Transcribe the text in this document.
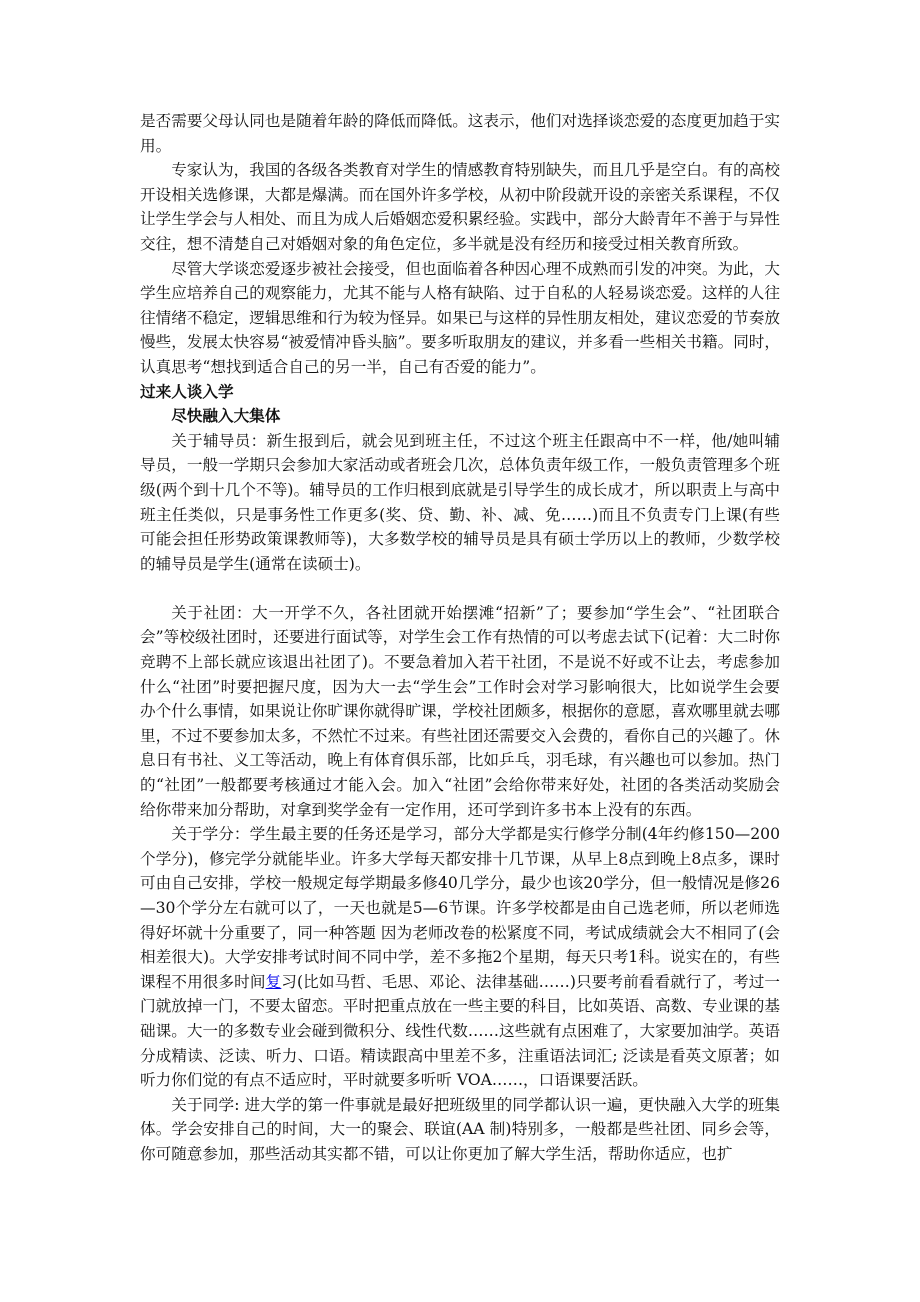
是否需要父母认同也是随着年龄的降低而降低。这表示，他们对选择谈恋爱的态度更加趋于实用。

专家认为，我国的各级各类教育对学生的情感教育特别缺失，而且几乎是空白。有的高校开设相关选修课，大都是爆满。而在国外许多学校，从初中阶段就开设的亲密关系课程，不仅让学生学会与人相处、而且为成人后婚姻恋爱积累经验。实践中，部分大龄青年不善于与异性交往，想不清楚自己对婚姻对象的角色定位，多半就是没有经历和接受过相关教育所致。

尽管大学谈恋爱逐步被社会接受，但也面临着各种因心理不成熟而引发的冲突。为此，大学生应培养自己的观察能力，尤其不能与人格有缺陷、过于自私的人轻易谈恋爱。这样的人往往情绪不稳定，逻辑思维和行为较为怪异。如果已与这样的异性朋友相处，建议恋爱的节奏放慢些，发展太快容易“被爱情冲昏头脑”。要多听取朋友的建议，并多看一些相关书籍。同时，认真思考“想找到适合自己的另一半，自己有否爱的能力”。

过来人谈入学
尽快融入大集体

关于辅导员：新生报到后，就会见到班主任，不过这个班主任跟高中不一样，他/她叫辅导员，一般一学期只会参加大家活动或者班会几次，总体负责年级工作，一般负责管理多个班级(两个到十几个不等)。辅导员的工作归根到底就是引导学生的成长成才，所以职责上与高中班主任类似，只是事务性工作更多(奖、贷、勤、补、减、免……)而且不负责专门上课(有些可能会担任形势政策课教师等)，大多数学校的辅导员是具有硕士学历以上的教师，少数学校的辅导员是学生(通常在读硕士)。

关于社团：大一开学不久，各社团就开始摆滩“招新”了；要参加“学生会”、“社团联合会”等校级社团时，还要进行面试等，对学生会工作有热情的可以考虑去试下(记着：大二时你竞聘不上部长就应该退出社团了)。不要急着加入若干社团，不是说不好或不让去，考虑参加什么“社团”时要把握尺度，因为大一去“学生会”工作时会对学习影响很大，比如说学生会要办个什么事情，如果说让你旷课你就得旷课，学校社团颇多，根据你的意愿，喜欢哪里就去哪里，不过不要参加太多，不然忙不过来。有些社团还需要交入会费的，看你自己的兴趣了。休息日有书社、义工等活动，晚上有体育俱乐部，比如乒乓，羽毛球，有兴趣也可以参加。热门的“社团”一般都要考核通过才能入会。加入“社团”会给你带来好处，社团的各类活动奖励会给你带来加分帮助，对拿到奖学金有一定作用，还可学到许多书本上没有的东西。

关于学分：学生最主要的任务还是学习，部分大学都是实行修学分制(4年约修150—200个学分)，修完学分就能毕业。许多大学每天都安排十几节课，从早上8点到晚上8点多，课时可由自己安排，学校一般规定每学期最多修40几学分，最少也该20学分，但一般情况是修26—30个学分左右就可以了，一天也就是5—6节课。许多学校都是由自己选老师，所以老师选得好坏就十分重要了，同一种答题 因为老师改卷的松紧度不同，考试成绩就会大不相同了(会相差很大)。大学安排考试时间不同中学，差不多拖2个星期，每天只考1科。说实在的，有些课程不用很多时间复习(比如马哲、毛思、邓论、法律基础……)只要考前看看就行了，考过一门就放掉一门，不要太留恋。平时把重点放在一些主要的科目，比如英语、高数、专业课的基础课。大一的多数专业会碰到微积分、线性代数……这些就有点困难了，大家要加油学。英语分成精读、泛读、听力、口语。精读跟高中里差不多，注重语法词汇; 泛读是看英文原著；如听力你们觉的有点不适应时，平时就要多听听 VOA……，口语课要活跃。

关于同学: 进大学的第一件事就是最好把班级里的同学都认识一遍，更快融入大学的班集体。学会安排自己的时间，大一的聚会、联谊(AA 制)特别多，一般都是些社团、同乡会等，你可随意参加，那些活动其实都不错，可以让你更加了解大学生活，帮助你适应，也扩
